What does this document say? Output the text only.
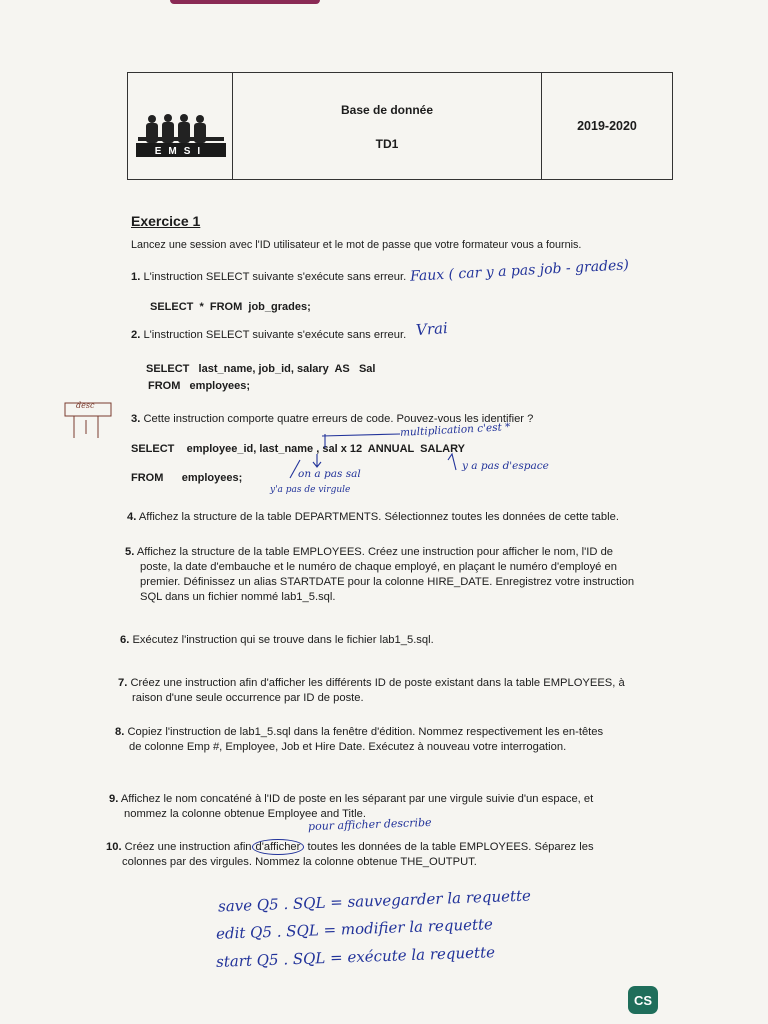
EMSI
Base de donnée
TD1
2019-2020
Exercice 1
Lancez une session avec l'ID utilisateur et le mot de passe que votre formateur vous a fournis.
1. L'instruction SELECT suivante s'exécute sans erreur.
SELECT  *  FROM  job_grades;
Faux ( car y a pas job - grades)
2. L'instruction SELECT suivante s'exécute sans erreur. Vrai
SELECT   last_name, job_id, salary  AS   Sal
FROM   employees;
desc
3. Cette instruction comporte quatre erreurs de code. Pouvez-vous les identifier ?
SELECT    employee_id, last_name , sal x 12  ANNUAL  SALARY
FROM      employees;
multiplication c'est *
on a pas sal
y'a pas de virgule
y a pas d'espace
4. Affichez la structure de la table DEPARTMENTS. Sélectionnez toutes les données de cette table.
5. Affichez la structure de la table EMPLOYEES. Créez une instruction pour afficher le nom, l'ID de
poste, la date d'embauche et le numéro de chaque employé, en plaçant le numéro d'employé en
premier. Définissez un alias STARTDATE pour la colonne HIRE_DATE. Enregistrez votre instruction
SQL dans un fichier nommé lab1_5.sql.
6. Exécutez l'instruction qui se trouve dans le fichier lab1_5.sql.
7. Créez une instruction afin d'afficher les différents ID de poste existant dans la table EMPLOYEES, à
raison d'une seule occurrence par ID de poste.
8. Copiez l'instruction de lab1_5.sql dans la fenêtre d'édition. Nommez respectivement les en-têtes
de colonne Emp #, Employee, Job et Hire Date. Exécutez à nouveau votre interrogation.
9. Affichez le nom concaténé à l'ID de poste en les séparant par une virgule suivie d'un espace, et
nommez la colonne obtenue Employee and Title.
pour afficher describe
10. Créez une instruction afin d'afficher toutes les données de la table EMPLOYEES. Séparez les
colonnes par des virgules. Nommez la colonne obtenue THE_OUTPUT.
save Q5 . SQL = sauvegarder la requette
edit Q5 . SQL = modifier la requette
start Q5 . SQL = exécute la requette
CS
